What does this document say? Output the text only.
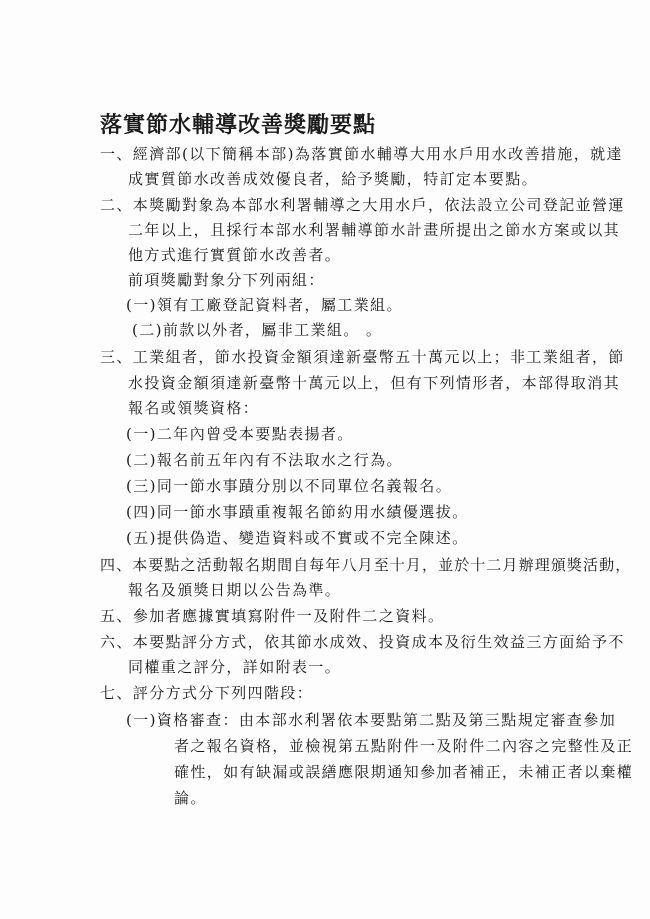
落實節水輔導改善獎勵要點
一、經濟部(以下簡稱本部)為落實節水輔導大用水戶用水改善措施，就達
成實質節水改善成效優良者，給予獎勵，特訂定本要點。
二、本獎勵對象為本部水利署輔導之大用水戶，依法設立公司登記並營運
二年以上，且採行本部水利署輔導節水計畫所提出之節水方案或以其
他方式進行實質節水改善者。
前項獎勵對象分下列兩組：
(一)領有工廠登記資料者，屬工業組。
(二)前款以外者，屬非工業組。 。
三、工業組者，節水投資金額須達新臺幣五十萬元以上；非工業組者，節
水投資金額須達新臺幣十萬元以上，但有下列情形者，本部得取消其
報名或領獎資格：
(一)二年內曾受本要點表揚者。
(二)報名前五年內有不法取水之行為。
(三)同一節水事蹟分別以不同單位名義報名。
(四)同一節水事蹟重複報名節約用水績優選拔。
(五)提供偽造、變造資料或不實或不完全陳述。
四、本要點之活動報名期間自每年八月至十月，並於十二月辦理頒獎活動，
報名及頒獎日期以公告為準。
五、參加者應據實填寫附件一及附件二之資料。
六、本要點評分方式，依其節水成效、投資成本及衍生效益三方面給予不
同權重之評分，詳如附表一。
七、評分方式分下列四階段：
(一)資格審查：由本部水利署依本要點第二點及第三點規定審查參加
者之報名資格，並檢視第五點附件一及附件二內容之完整性及正
確性，如有缺漏或誤繕應限期通知參加者補正，未補正者以棄權
論。
